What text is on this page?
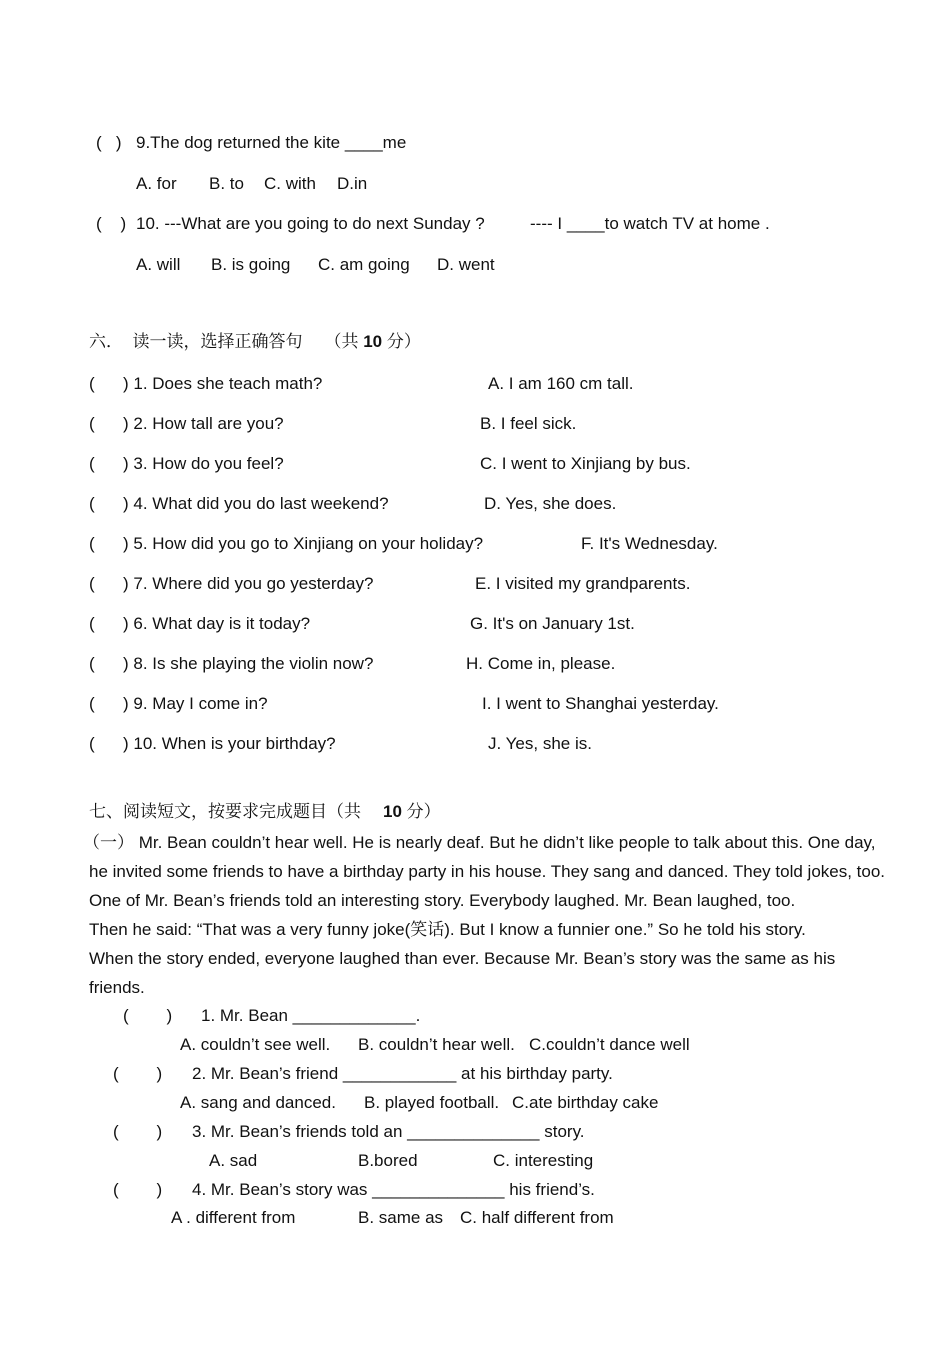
(   ) 9.The dog returned the kite ____me
A. for B. to C. with D.in
(    ) 10. ---What are you going to do next Sunday ?	---- I ____to watch TV at home .
A. will B. is going C. am going D. went
六．  读一读，选择正确答句 （共 10 分）
( ) 1. Does she teach math?	A. I am 160 cm tall.
( ) 2. How tall are you?	B. I feel sick.
( ) 3. How do you feel?	C. I went to Xinjiang by bus.
( ) 4. What did you do last weekend?	D. Yes, she does.
( ) 5. How did you go to Xinjiang on your holiday?	F. It's Wednesday.
( ) 7. Where did you go yesterday?	E. I visited my grandparents.
( ) 6. What day is it today?	G. It's on January 1st.
( ) 8. Is she playing the violin now?	H. Come in, please.
( ) 9. May I come in?	I. I went to Shanghai yesterday.
( ) 10. When is your birthday?	J. Yes, she is.
七、阅读短文，按要求完成题目（共 10 分）
（一） Mr. Bean couldn’t hear well. He is nearly deaf. But he didn’t like people to talk about this. One day,
he invited some friends to have a birthday party in his house. They sang and danced. They told jokes, too.
One of Mr. Bean’s friends told an interesting story. Everybody laughed. Mr. Bean laughed, too.
Then he said: “That was a very funny joke(笑话). But I know a funnier one.” So he told his story.
When the story ended, everyone laughed than ever. Because Mr. Bean’s story was the same as his
friends.
(        ) 1. Mr. Bean _____________.
A. couldn’t see well. B. couldn’t hear well. C.couldn’t dance well
(        ) 2. Mr. Bean’s friend ____________ at his birthday party.
A. sang and danced. B. played football. C.ate birthday cake
(        ) 3. Mr. Bean’s friends told an ______________ story.
A. sad	B.bored	C. interesting
(        ) 4. Mr. Bean’s story was ______________ his friend’s.
A . different from	B. same as C. half different from
